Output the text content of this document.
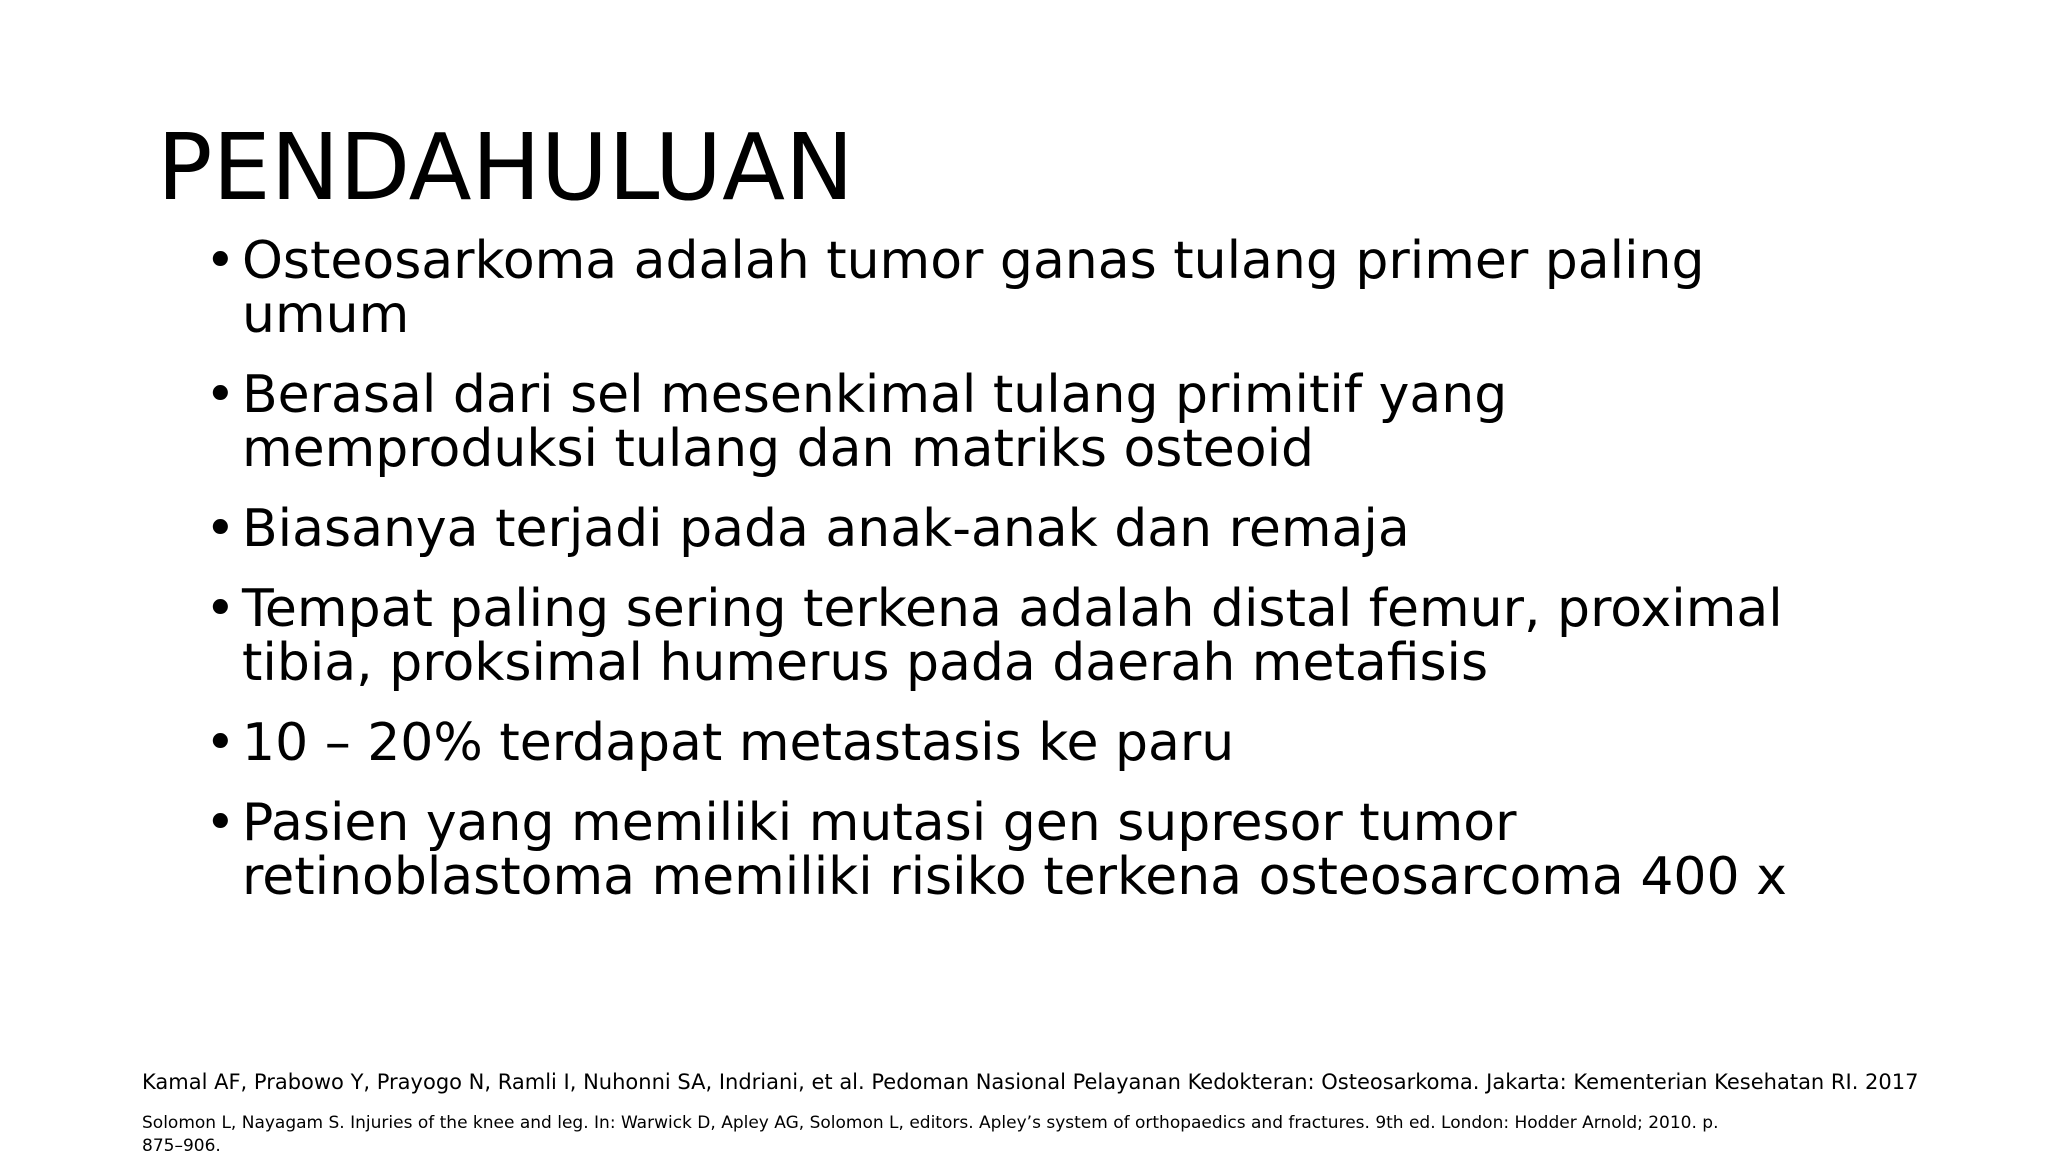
PENDAHULUAN
• Osteosarkoma adalah tumor ganas tulang primer paling umum
• Berasal dari sel mesenkimal tulang primitif yang memproduksi tulang dan matriks osteoid
• Biasanya terjadi pada anak-anak dan remaja
• Tempat paling sering terkena adalah distal femur, proximal tibia, proksimal humerus pada daerah metafisis
• 10 – 20% terdapat metastasis ke paru
• Pasien yang memiliki mutasi gen supresor tumor retinoblastoma memiliki risiko terkena osteosarcoma 400 x

Kamal AF, Prabowo Y, Prayogo N, Ramli I, Nuhonni SA, Indriani, et al. Pedoman Nasional Pelayanan Kedokteran: Osteosarkoma. Jakarta: Kementerian Kesehatan RI. 2017

Solomon L, Nayagam S. Injuries of the knee and leg. In: Warwick D, Apley AG, Solomon L, editors. Apley’s system of orthopaedics and fractures. 9th ed. London: Hodder Arnold; 2010. p. 875–906.
